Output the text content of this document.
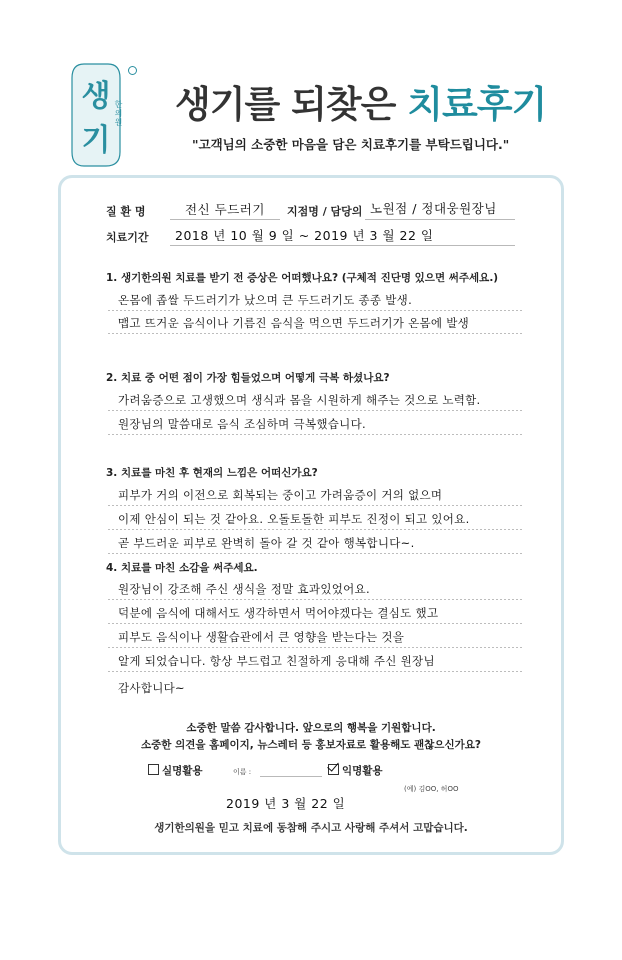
생
기
한의원 생기를 되찾은 치료후기
"고객님의 소중한 마음을 담은 치료후기를 부탁드립니다."
질 환 명	전신 두드러기 지점명 / 담당의 노원점 / 정대웅원장님
치료기간 2018 년 10 월 9 일 ~ 2019 년 3 월 22 일
1. 생기한의원 치료를 받기 전 증상은 어떠했나요? (구체적 진단명 있으면 써주세요.)
온몸에 좁쌀 두드러기가 났으며 큰 두드러기도 종종 발생.
맵고 뜨거운 음식이나 기름진 음식을 먹으면 두드러기가 온몸에 발생
2. 치료 중 어떤 점이 가장 힘들었으며 어떻게 극복 하셨나요?
가려움증으로 고생했으며 생식과 몸을 시원하게 해주는 것으로 노력함.
원장님의 말씀대로 음식 조심하며 극복했습니다.
3. 치료를 마친 후 현재의 느낌은 어떠신가요?
피부가 거의 이전으로 회복되는 중이고 가려움증이 거의 없으며
이제 안심이 되는 것 같아요. 오돌토돌한 피부도 진정이 되고 있어요.
곧 부드러운 피부로 완벽히 돌아 갈 것 같아 행복합니다~.
4. 치료를 마친 소감을 써주세요.
원장님이 강조해 주신 생식을 정말 효과있었어요.
덕분에 음식에 대해서도 생각하면서 먹어야겠다는 결심도 했고
피부도 음식이나 생활습관에서 큰 영향을 받는다는 것을
알게 되었습니다. 항상 부드럽고 친절하게 응대해 주신 원장님
감사합니다~
소중한 말씀 감사합니다. 앞으로의 행복을 기원합니다.
소중한 의견을 홈페이지, 뉴스레터 등 홍보자료로 활용해도 괜찮으신가요?
실명활용	이름 :	익명활용
(예) 김OO, 허OO
2019 년 3 월 22 일
생기한의원을 믿고 치료에 동참해 주시고 사랑해 주셔서 고맙습니다.
